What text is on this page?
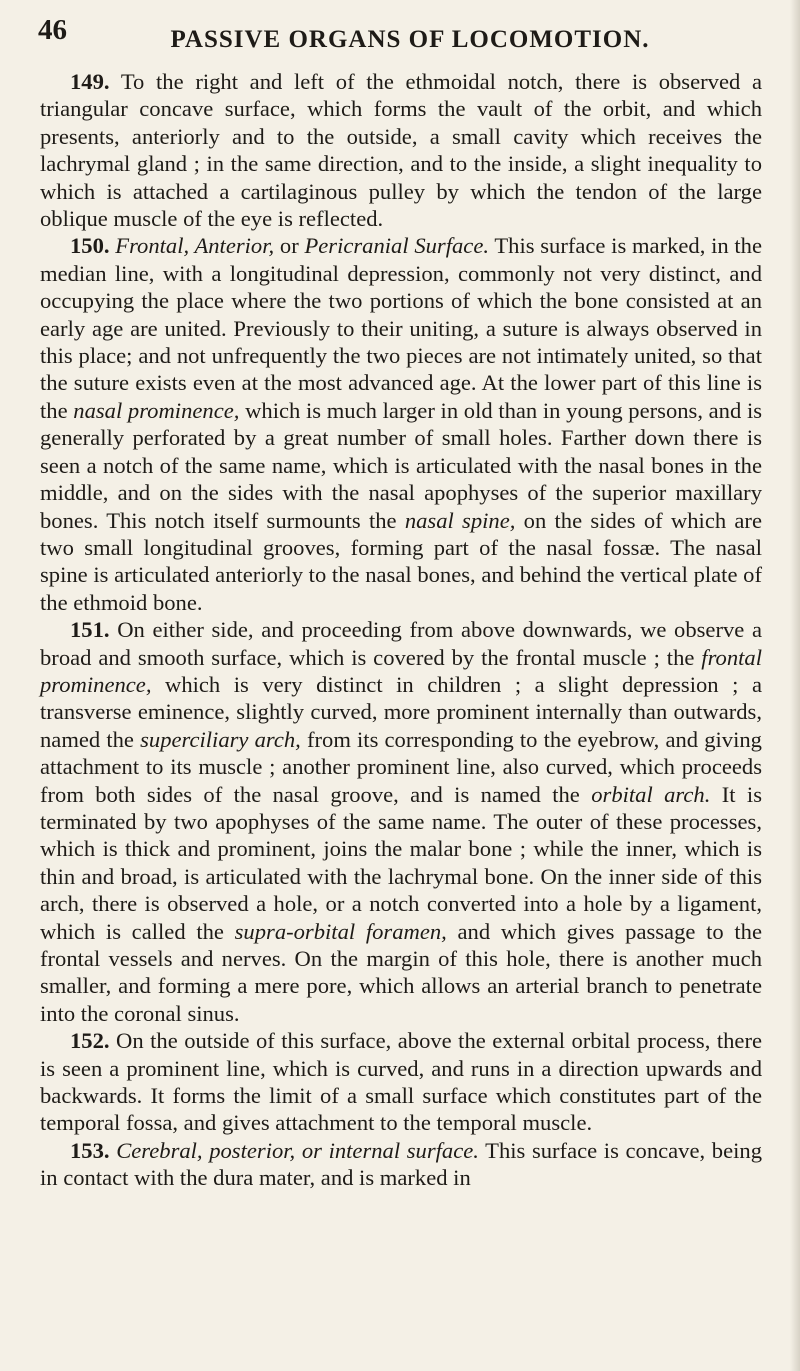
46	PASSIVE ORGANS OF LOCOMOTION.

149. To the right and left of the ethmoidal notch, there is observed a triangular concave surface, which forms the vault of the orbit, and which presents, anteriorly and to the outside, a small cavity which receives the lachrymal gland ; in the same direction, and to the inside, a slight inequality to which is attached a cartilaginous pulley by which the tendon of the large oblique muscle of the eye is reflected.

150. Frontal, Anterior, or Pericranial Surface. This surface is marked, in the median line, with a longitudinal depression, commonly not very distinct, and occupying the place where the two portions of which the bone consisted at an early age are united. Previously to their uniting, a suture is always observed in this place; and not unfrequently the two pieces are not intimately united, so that the suture exists even at the most advanced age. At the lower part of this line is the nasal prominence, which is much larger in old than in young persons, and is generally perforated by a great number of small holes. Farther down there is seen a notch of the same name, which is articulated with the nasal bones in the middle, and on the sides with the nasal apophyses of the superior maxillary bones. This notch itself surmounts the nasal spine, on the sides of which are two small longitudinal grooves, forming part of the nasal fossæ. The nasal spine is articulated anteriorly to the nasal bones, and behind the vertical plate of the ethmoid bone.

151. On either side, and proceeding from above downwards, we observe a broad and smooth surface, which is covered by the frontal muscle ; the frontal prominence, which is very distinct in children ; a slight depression ; a transverse eminence, slightly curved, more prominent internally than outwards, named the superciliary arch, from its corresponding to the eyebrow, and giving attachment to its muscle ; another prominent line, also curved, which proceeds from both sides of the nasal groove, and is named the orbital arch. It is terminated by two apophyses of the same name. The outer of these processes, which is thick and prominent, joins the malar bone ; while the inner, which is thin and broad, is articulated with the lachrymal bone. On the inner side of this arch, there is observed a hole, or a notch converted into a hole by a ligament, which is called the supra-orbital foramen, and which gives passage to the frontal vessels and nerves. On the margin of this hole, there is another much smaller, and forming a mere pore, which allows an arterial branch to penetrate into the coronal sinus.

152. On the outside of this surface, above the external orbital process, there is seen a prominent line, which is curved, and runs in a direction upwards and backwards. It forms the limit of a small surface which constitutes part of the temporal fossa, and gives attachment to the temporal muscle.

153. Cerebral, posterior, or internal surface. This surface is concave, being in contact with the dura mater, and is marked in
